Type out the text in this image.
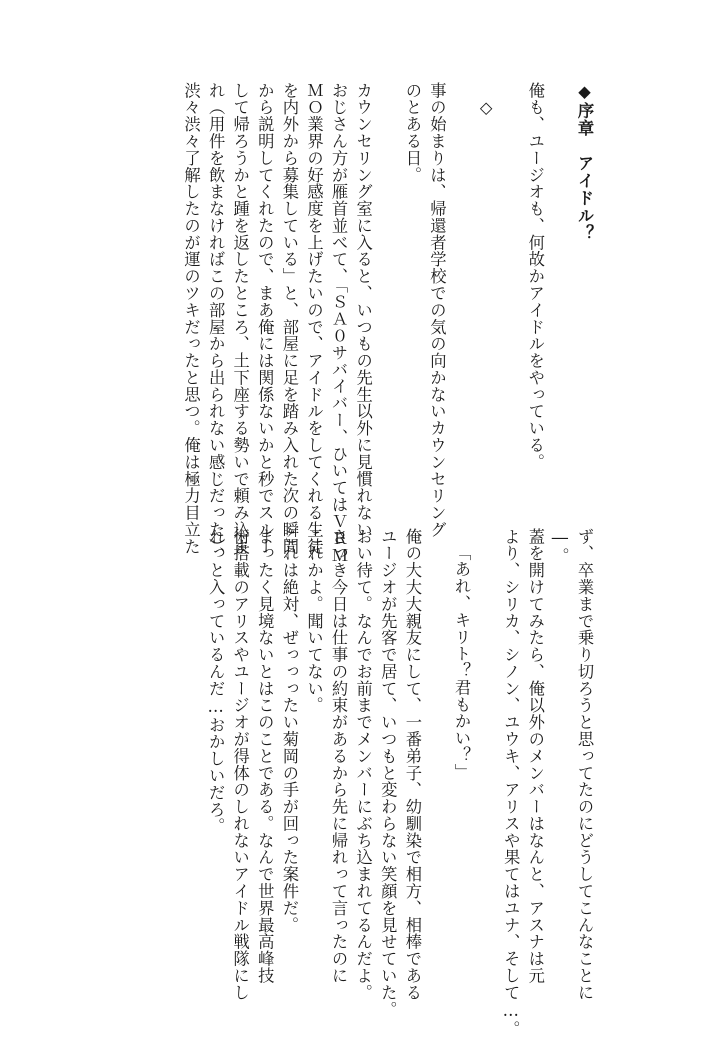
◆序章　アイドル？

俺も、ユージオも、何故かアイドルをやっている。

◇

事の始まりは、帰還者学校での気の向かないカウンセリング
のとある日。

カウンセリング室に入ると、いつもの先生以外に見慣れない
おじさん方が雁首並べて、「ＳＡ０サバイバー、ひいてはＶＲＭ
ＭＯ業界の好感度を上げたいので、アイドルをしてくれる生徒
を内外から募集している」と、部屋に足を踏み入れた次の瞬間
から説明してくれたので、まあ俺には関係ないかと秒でスルー
して帰ろうかと踵を返したところ、土下座する勢いで頼み込ま
れ（用件を飲まなければこの部屋から出られない感じだった）、
渋々渋々了解したのが運のツキだったと思つ。俺は極力目立た
ず、卒業まで乗り切ろうと思ってたのにどうしてこんなことに
―。
蓋を開けてみたら、俺以外のメンバーはなんと、アスナは元
より、シリカ、シノン、ユウキ、アリスや果てはユナ、そして…。

「あれ、キリト？君もかい？」

俺の大大大親友にして、一番弟子、幼馴染で相方、相棒である
ユージオが先客で居て、いつもと変わらない笑顔を見せていた。
おい待て。なんでお前までメンバーにぶち込まれてるんだよ。
さっき今日は仕事の約束があるから先に帰れって言ったのに
これかよ。聞いてない。
これは絶対、ぜっっったい菊岡の手が回った案件だ。
まったく見境ないとはこのことである。なんで世界最高峰技
術搭載のアリスやユージオが得体のしれないアイドル戦隊にし
れっと入っているんだ…おかしいだろ。
